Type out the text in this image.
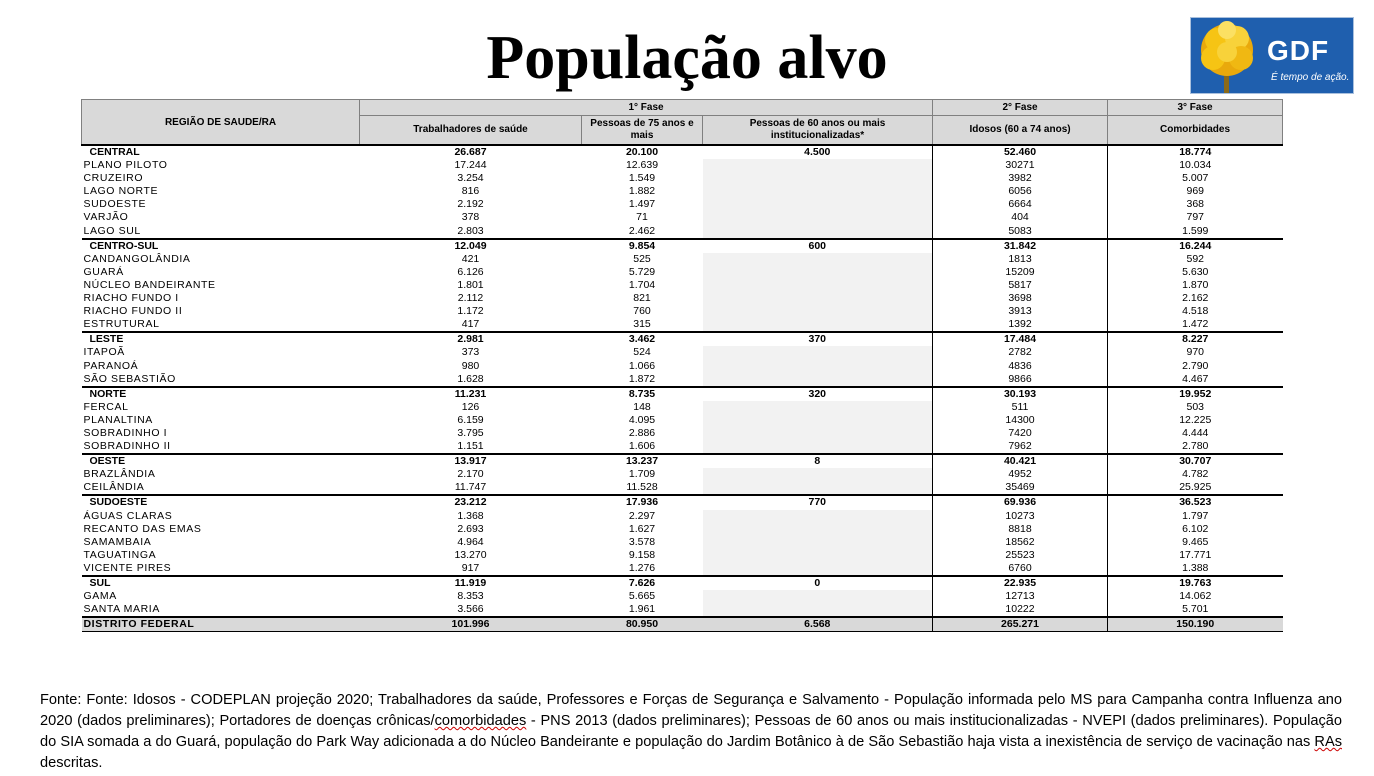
População alvo	GDF
É tempo de ação.
REGIÃO DE SAUDE/RA	1° Fase			2° Fase	3° Fase
	Trabalhadores de saúde	Pessoas de 75 anos e mais	Pessoas de 60 anos ou mais institucionalizadas*	Idosos (60 a 74 anos)	Comorbidades
CENTRAL	26.687	20.100	4.500	52.460	18.774
PLANO PILOTO	17.244	12.639		30271	10.034
CRUZEIRO	3.254	1.549		3982	5.007
LAGO NORTE	816	1.882		6056	969
SUDOESTE	2.192	1.497		6664	368
VARJÃO	378	71		404	797
LAGO SUL	2.803	2.462		5083	1.599
CENTRO-SUL	12.049	9.854	600	31.842	16.244
CANDANGOLÂNDIA	421	525		1813	592
GUARÁ	6.126	5.729		15209	5.630
NÚCLEO BANDEIRANTE	1.801	1.704		5817	1.870
RIACHO FUNDO I	2.112	821		3698	2.162
RIACHO FUNDO II	1.172	760		3913	4.518
ESTRUTURAL	417	315		1392	1.472
LESTE	2.981	3.462	370	17.484	8.227
ITAPOÃ	373	524		2782	970
PARANOÁ	980	1.066		4836	2.790
SÃO SEBASTIÃO	1.628	1.872		9866	4.467
NORTE	11.231	8.735	320	30.193	19.952
FERCAL	126	148		511	503
PLANALTINA	6.159	4.095		14300	12.225
SOBRADINHO I	3.795	2.886		7420	4.444
SOBRADINHO II	1.151	1.606		7962	2.780
OESTE	13.917	13.237	8	40.421	30.707
BRAZLÂNDIA	2.170	1.709		4952	4.782
CEILÂNDIA	11.747	11.528		35469	25.925
SUDOESTE	23.212	17.936	770	69.936	36.523
ÁGUAS CLARAS	1.368	2.297		10273	1.797
RECANTO DAS EMAS	2.693	1.627		8818	6.102
SAMAMBAIA	4.964	3.578		18562	9.465
TAGUATINGA	13.270	9.158		25523	17.771
VICENTE PIRES	917	1.276		6760	1.388
SUL	11.919	7.626	0	22.935	19.763
GAMA	8.353	5.665		12713	14.062
SANTA MARIA	3.566	1.961		10222	5.701
DISTRITO FEDERAL	101.996	80.950	6.568	265.271	150.190

Fonte: Fonte: Idosos - CODEPLAN projeção 2020; Trabalhadores da saúde, Professores e Forças de Segurança e Salvamento - População informada pelo MS para Campanha contra Influenza ano 2020 (dados preliminares); Portadores de doenças crônicas/comorbidades - PNS 2013 (dados preliminares); Pessoas de 60 anos ou mais institucionalizadas - NVEPI (dados preliminares). População do SIA somada a do Guará, população do Park Way adicionada a do Núcleo Bandeirante e população do Jardim Botânico à de São Sebastião haja vista a inexistência de serviço de vacinação nas RAs descritas.
